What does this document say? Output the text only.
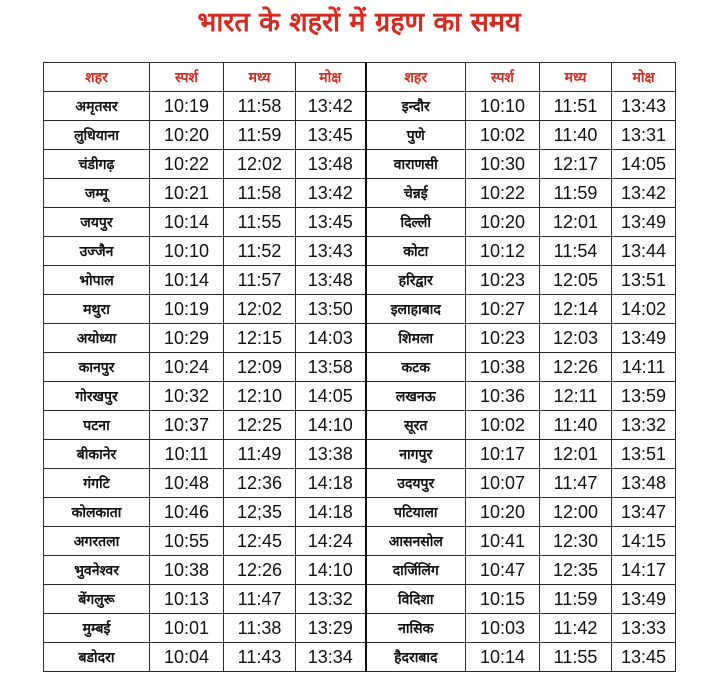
भारत के शहरों में ग्रहण का समय
शहर	स्पर्श	मध्य	मोक्ष	शहर	स्पर्श	मध्य	मोक्ष
अमृतसर	10:19	11:58	13:42	इन्दौर	10:10	11:51	13:43
लुधियाना	10:20	11:59	13:45	पुणे	10:02	11:40	13:31
चंडीगढ़	10:22	12:02	13:48	वाराणसी	10:30	12:17	14:05
जम्मू	10:21	11:58	13:42	चेन्नई	10:22	11:59	13:42
जयपुर	10:14	11:55	13:45	दिल्ली	10:20	12:01	13:49
उज्जैन	10:10	11:52	13:43	कोटा	10:12	11:54	13:44
भोपाल	10:14	11:57	13:48	हरिद्वार	10:23	12:05	13:51
मथुरा	10:19	12:02	13:50	इलाहाबाद	10:27	12:14	14:02
अयोध्या	10:29	12:15	14:03	शिमला	10:23	12:03	13:49
कानपुर	10:24	12:09	13:58	कटक	10:38	12:26	14:11
गोरखपुर	10:32	12:10	14:05	लखनऊ	10:36	12:11	13:59
पटना	10:37	12:25	14:10	सूरत	10:02	11:40	13:32
बीकानेर	10:11	11:49	13:38	नागपुर	10:17	12:01	13:51
गंगटि	10:48	12:36	14:18	उदयपुर	10:07	11:47	13:48
कोलकाता	10:46	12;35	14:18	पटियाला	10:20	12:00	13:47
अगरतला	10:55	12:45	14:24	आसनसोल	10:41	12:30	14:15
भुवनेश्वर	10:38	12:26	14:10	दार्जिलिंग	10:47	12:35	14:17
बेंगलुरू	10:13	11:47	13:32	विदिशा	10:15	11:59	13:49
मुम्बई	10:01	11:38	13:29	नासिक	10:03	11:42	13:33
बडोदरा	10:04	11:43	13:34	हैदराबाद	10:14	11:55	13:45
